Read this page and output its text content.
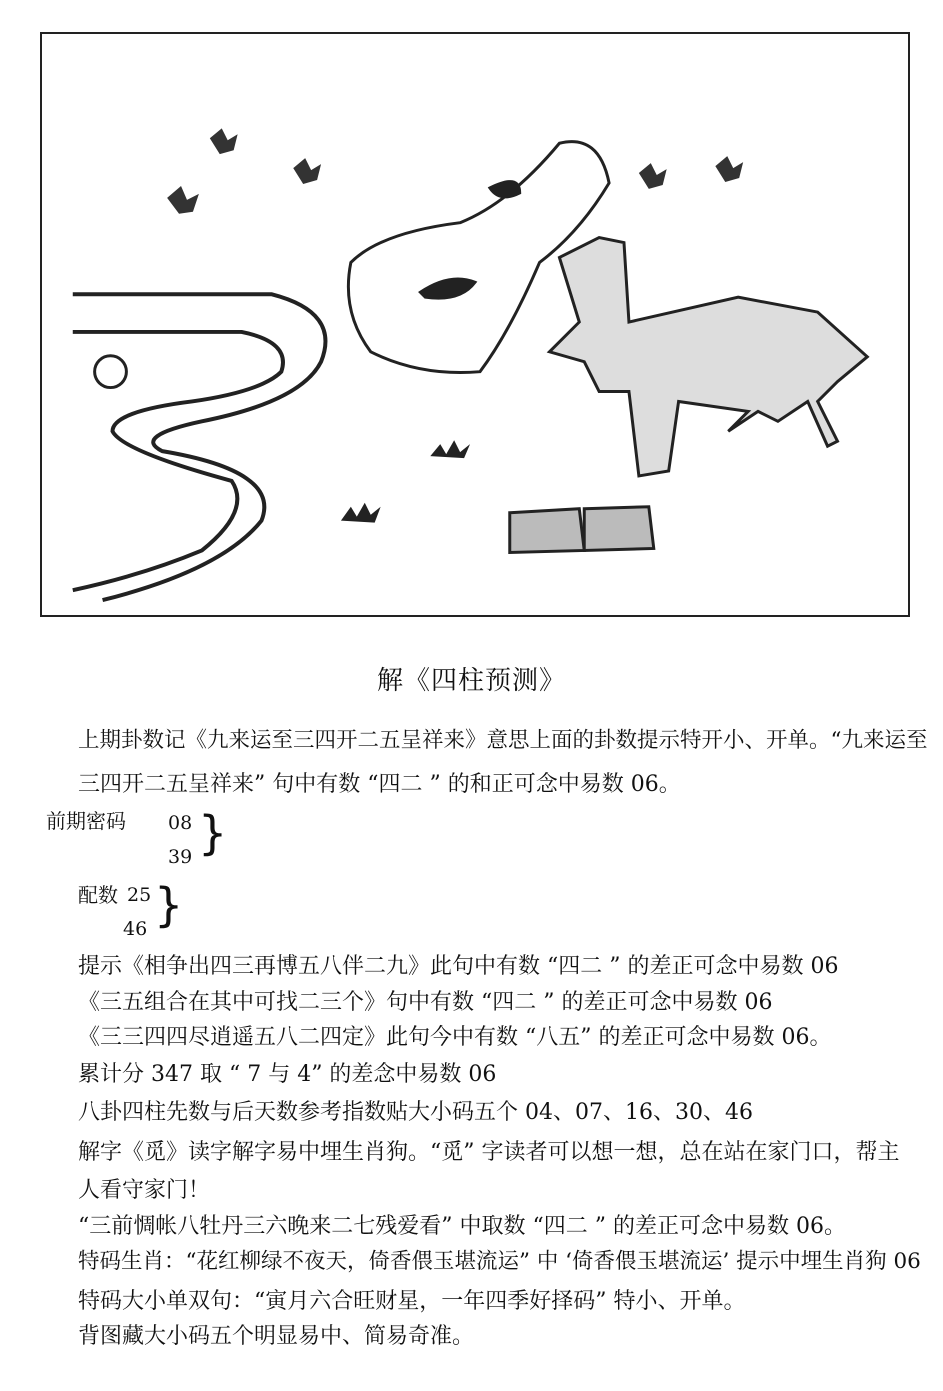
解《四柱预测》
上期卦数记《九来运至三四开二五呈祥来》意思上面的卦数提示特开小、开单。“九来运至
三四开二五呈祥来” 句中有数 “四二 ” 的和正可念中易数 06。
前期密码 08
39 }
配数 25
46 }
提示《相争出四三再博五八伴二九》此句中有数 “四二 ” 的差正可念中易数 06
《三五组合在其中可找二三个》句中有数 “四二 ” 的差正可念中易数 06
《三三四四尽逍遥五八二四定》此句今中有数 “八五” 的差正可念中易数 06。
累计分 347 取 “ 7 与 4” 的差念中易数 06
八卦四柱先数与后天数参考指数贴大小码五个 04、07、16、30、46
解字《觅》读字解字易中埋生肖狗。“觅” 字读者可以想一想，总在站在家门口，帮主
人看守家门！
“三前惆帐八牡丹三六晚来二七残爱看” 中取数 “四二 ” 的差正可念中易数 06。
特码生肖：“花红柳绿不夜天，倚香偎玉堪流运” 中 ‘倚香偎玉堪流运’ 提示中埋生肖狗 06
特码大小单双句：“寅月六合旺财星，一年四季好择码” 特小、开单。
背图藏大小码五个明显易中、简易奇准。
